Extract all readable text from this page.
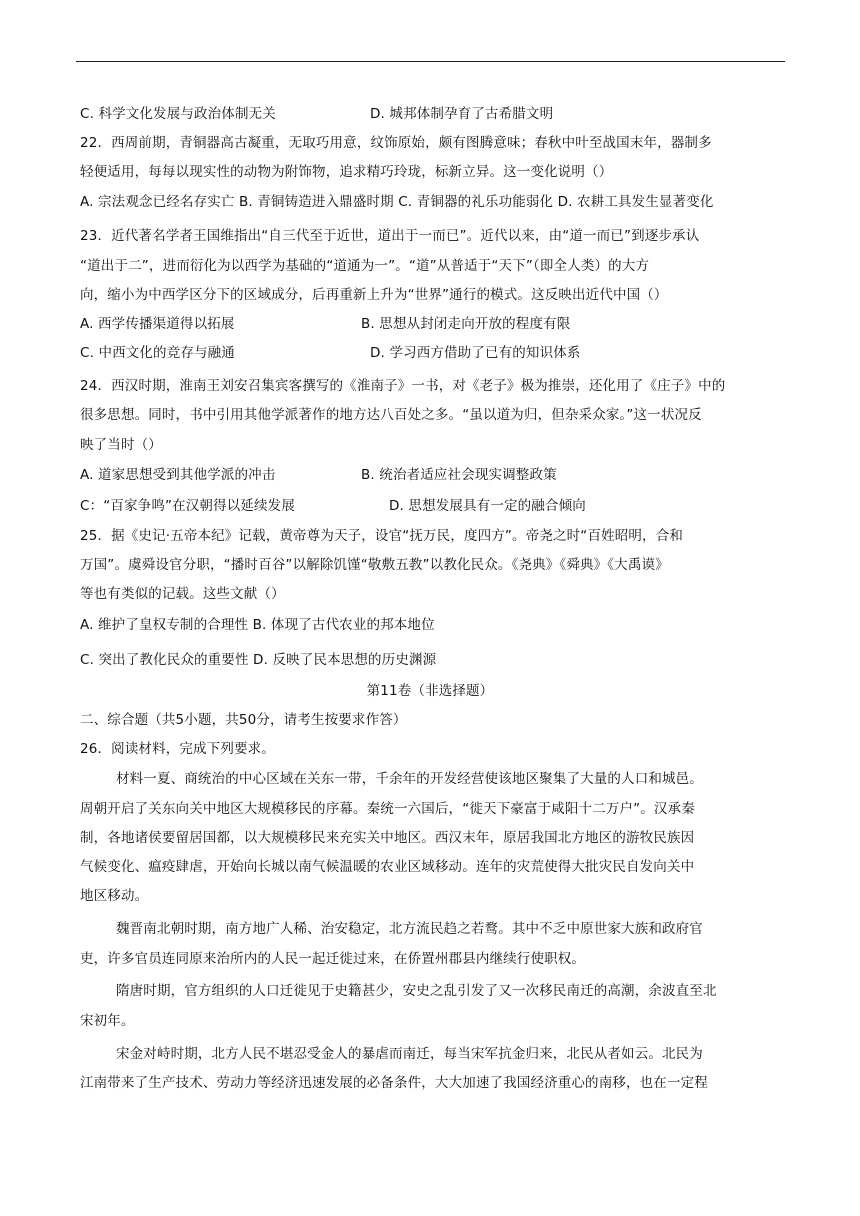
C. 科学文化发展与政治体制无关	D. 城邦体制孕育了古希腊文明
22．西周前期，青铜器高古凝重，无取巧用意，纹饰原始，颇有图腾意味；春秋中叶至战国末年，器制多
轻便适用，每每以现实性的动物为附饰物，追求精巧玲珑，标新立异。这一变化说明（）
A. 宗法观念已经名存实亡 B. 青铜铸造进入鼎盛时期 C. 青铜器的礼乐功能弱化 D. 农耕工具发生显著变化
23．近代著名学者王国维指出“自三代至于近世，道出于一而已”。近代以来，由“道一而已”到逐步承认
“道出于二”，进而衍化为以西学为基础的“道通为一”。“道”从普适于“天下”（即全人类）的大方
向，缩小为中西学区分下的区域成分，后再重新上升为“世界”通行的模式。这反映出近代中国（）
A. 西学传播渠道得以拓展	B. 思想从封闭走向开放的程度有限
C. 中西文化的竞存与融通	D. 学习西方借助了已有的知识体系
24．西汉时期，淮南王刘安召集宾客撰写的《淮南子》一书，对《老子》极为推崇，还化用了《庄子》中的
很多思想。同时，书中引用其他学派著作的地方达八百处之多。“虽以道为归，但杂采众家。”这一状况反
映了当时（）
A. 道家思想受到其他学派的冲击	B. 统治者适应社会现实调整政策
C：“百家争鸣”在汉朝得以延续发展	D. 思想发展具有一定的融合倾向
25．据《史记·五帝本纪》记载，黄帝尊为天子，设官“抚万民，度四方”。帝尧之时“百姓昭明，合和
万国”。虞舜设官分职，“播时百谷”以解除饥馑“敬敷五教”以教化民众。《尧典》《舜典》《大禹谟》
等也有类似的记载。这些文献（）
A. 维护了皇权专制的合理性 B. 体现了古代农业的邦本地位
C. 突出了教化民众的重要性 D. 反映了民本思想的历史渊源
第11卷（非选择题）
二、综合题（共5小题，共50分，请考生按要求作答）
26．阅读材料，完成下列要求。
材料一夏、商统治的中心区域在关东一带，千余年的开发经营使该地区聚集了大量的人口和城邑。
周朝开启了关东向关中地区大规模移民的序幕。秦统一六国后，“徙天下豪富于咸阳十二万户”。汉承秦
制，各地诸侯要留居国都，以大规模移民来充实关中地区。西汉末年，原居我国北方地区的游牧民族因
气候变化、瘟疫肆虐，开始向长城以南气候温暖的农业区域移动。连年的灾荒使得大批灾民自发向关中
地区移动。
魏晋南北朝时期，南方地广人稀、治安稳定，北方流民趋之若鹜。其中不乏中原世家大族和政府官
吏，许多官员连同原来治所内的人民一起迁徙过来，在侨置州郡县内继续行使职权。
隋唐时期，官方组织的人口迁徙见于史籍甚少，安史之乱引发了又一次移民南迁的高潮，余波直至北
宋初年。
宋金对峙时期，北方人民不堪忍受金人的暴虐而南迁，每当宋军抗金归来，北民从者如云。北民为
江南带来了生产技术、劳动力等经济迅速发展的必备条件，大大加速了我国经济重心的南移，也在一定程
